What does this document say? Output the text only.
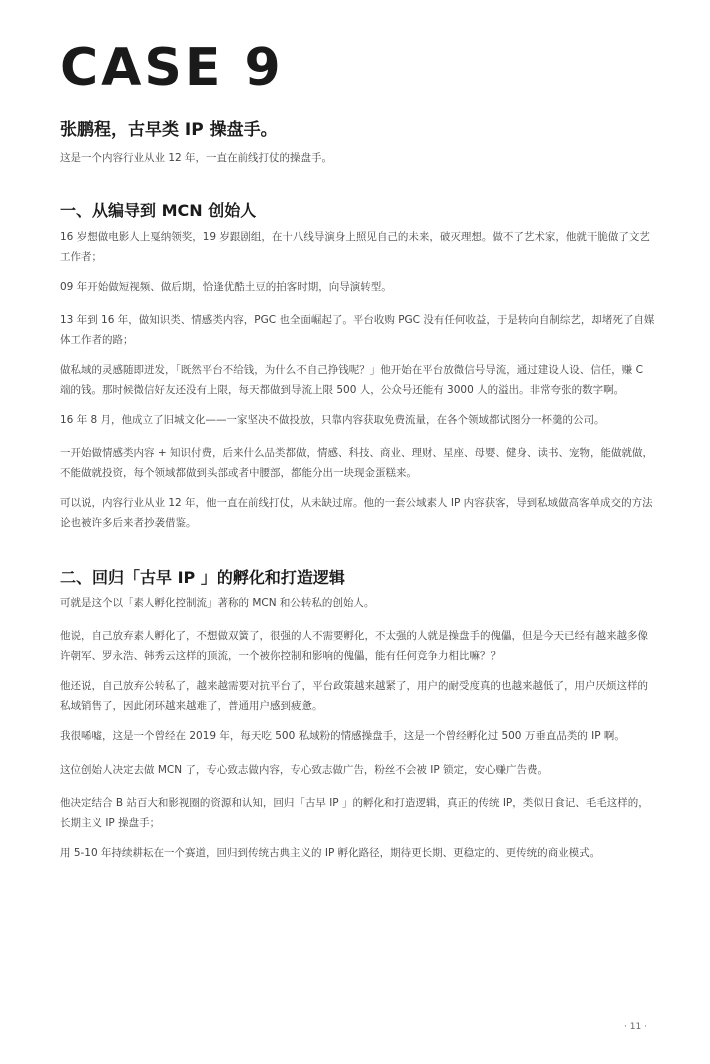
CASE 9
张鹏程，古早类 IP 操盘手。
这是一个内容行业从业 12 年，一直在前线打仗的操盘手。
一、从编导到 MCN 创始人

16 岁想做电影人上戛纳领奖，19 岁跟剧组，在十八线导演身上照见自己的未来，破灭理想。做不了艺术家，他就干脆做了文艺工作者；

09 年开始做短视频、做后期，恰逢优酷土豆的拍客时期，向导演转型。

13 年到 16 年，做知识类、情感类内容，PGC 也全面崛起了。平台收购 PGC 没有任何收益，于是转向自制综艺，却堵死了自媒体工作者的路；

做私域的灵感随即迸发，「既然平台不给钱，为什么不自己挣钱呢？」他开始在平台放微信号导流，通过建设人设、信任，赚 C 端的钱。那时候微信好友还没有上限，每天都做到导流上限 500 人，公众号还能有 3000 人的溢出。非常夸张的数字啊。

16 年 8 月，他成立了旧城文化——一家坚决不做投放，只靠内容获取免费流量，在各个领域都试图分一杯羹的公司。

一开始做情感类内容 + 知识付费，后来什么品类都做，情感、科技、商业、理财、星座、母婴、健身、读书、宠物，能做就做，不能做就投资，每个领域都做到头部或者中腰部，都能分出一块现金蛋糕来。

可以说，内容行业从业 12 年，他一直在前线打仗，从未缺过席。他的一套公域素人 IP 内容获客，导到私域做高客单成交的方法论也被许多后来者抄袭借鉴。

二、回归「古早 IP 」的孵化和打造逻辑

可就是这个以「素人孵化控制流」著称的 MCN 和公转私的创始人。

他说，自己放弃素人孵化了，不想做双簧了，很强的人不需要孵化，不太强的人就是操盘手的傀儡，但是今天已经有越来越多像许朝军、罗永浩、韩秀云这样的顶流，一个被你控制和影响的傀儡，能有任何竞争力相比嘛？？

他还说，自己放弃公转私了，越来越需要对抗平台了，平台政策越来越紧了，用户的耐受度真的也越来越低了，用户厌烦这样的私域销售了，因此闭环越来越难了，普通用户感到疲惫。

我很唏嘘，这是一个曾经在 2019 年，每天吃 500 私域粉的情感操盘手，这是一个曾经孵化过 500 万垂直品类的 IP 啊。

这位创始人决定去做 MCN 了，专心致志做内容，专心致志做广告，粉丝不会被 IP 锁定，安心赚广告费。

他决定结合 B 站百大和影视圈的资源和认知，回归「古早 IP 」的孵化和打造逻辑，真正的传统 IP，类似日食记、毛毛这样的，长期主义 IP 操盘手；

用 5-10 年持续耕耘在一个赛道，回归到传统古典主义的 IP 孵化路径，期待更长期、更稳定的、更传统的商业模式。

· 11 ·
